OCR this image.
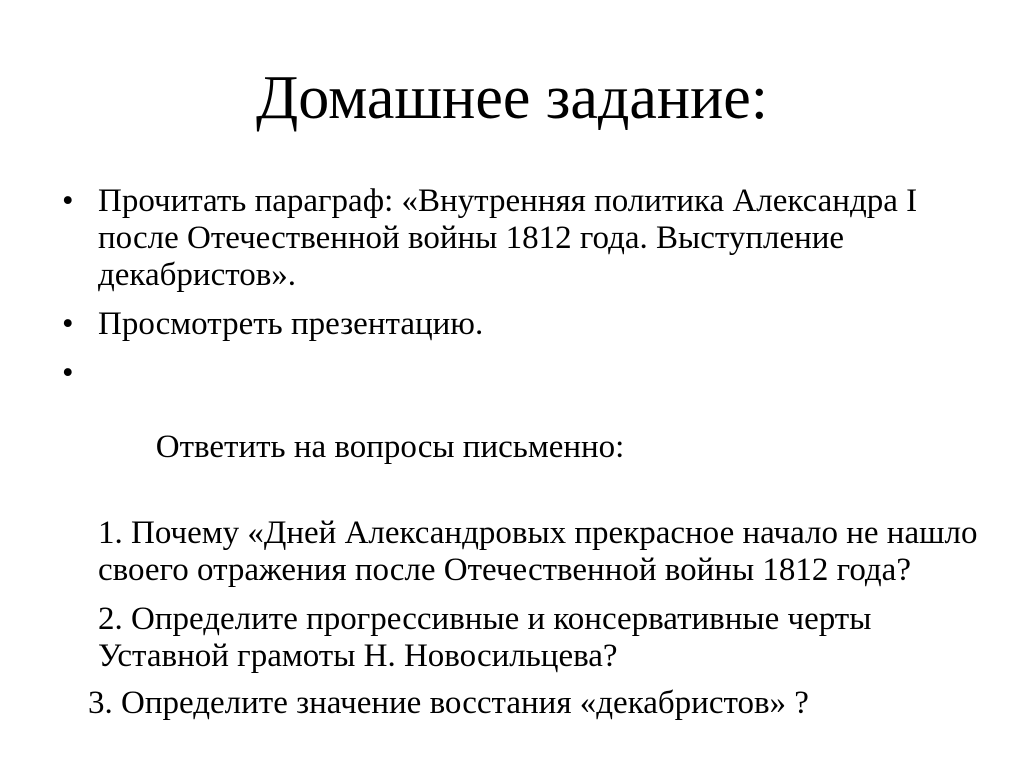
Домашнее задание:
•
Прочитать параграф: «Внутренняя политика Александра I после Отечественной войны 1812 года. Выступление декабристов».
•
Просмотреть презентацию.

•

Ответить на вопросы письменно:

1. Почему «Дней Александровых прекрасное начало не нашло своего отражения после Отечественной войны 1812 года?
2. Определите прогрессивные и консервативные черты Уставной грамоты Н. Новосильцева?
3. Определите значение восстания «декабристов» ?
